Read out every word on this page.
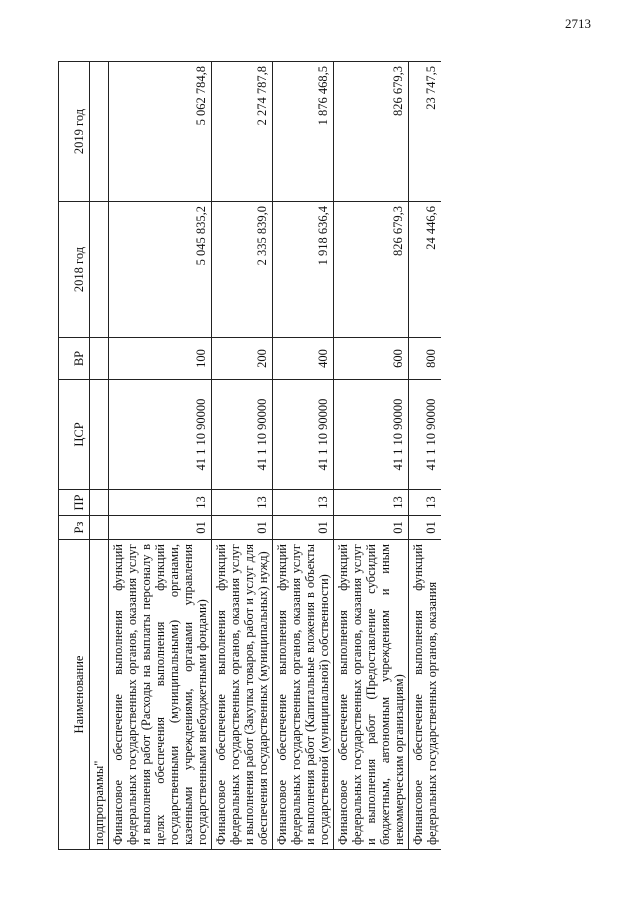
2713
Наименование	Рз	ПР	ЦСР	ВР	2018 год	2019 год
подпрограммы"						
Финансовое обеспечение выполнения функций федеральных государственных органов, оказания услуг и выполнения работ (Расходы на выплаты персоналу в целях обеспечения выполнения функций государственными (муниципальными) органами, казенными учреждениями, органами управления государственными внебюджетными фондами)	01	13	41 1 10 90000	100	5 045 835,2	5 062 784,8
Финансовое обеспечение выполнения функций федеральных государственных органов, оказания услуг и выполнения работ (Закупка товаров, работ и услуг для обеспечения государственных (муниципальных) нужд)	01	13	41 1 10 90000	200	2 335 839,0	2 274 787,8
Финансовое обеспечение выполнения функций федеральных государственных органов, оказания услуг и выполнения работ (Капитальные вложения в объекты государственной (муниципальной) собственности)	01	13	41 1 10 90000	400	1 918 636,4	1 876 468,5
Финансовое обеспечение выполнения функций федеральных государственных органов, оказания услуг и выполнения работ (Предоставление субсидий бюджетным, автономным учреждениям и иным некоммерческим организациям)	01	13	41 1 10 90000	600	826 679,3	826 679,3
Финансовое обеспечение выполнения функций федеральных государственных органов, оказания	01	13	41 1 10 90000	800	24 446,6	23 747,5
